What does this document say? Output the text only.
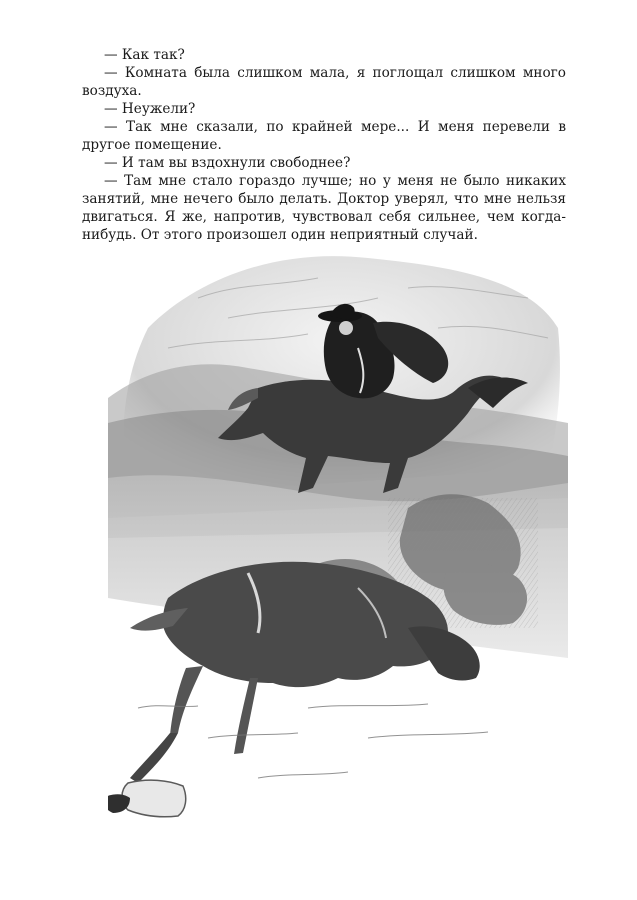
— Как так?

— Комната была слишком мала, я поглощал слишком много воздуха.

— Неужели?

— Так мне сказали, по крайней мере... И меня перевели в другое помещение.

— И там вы вздохнули свободнее?

— Там мне стало гораздо лучше; но у меня не было никаких занятий, мне нечего было делать. Доктор уверял, что мне нельзя двигаться. Я же, напротив, чувствовал себя сильнее, чем когда-нибудь. От этого произошел один неприятный случай.
